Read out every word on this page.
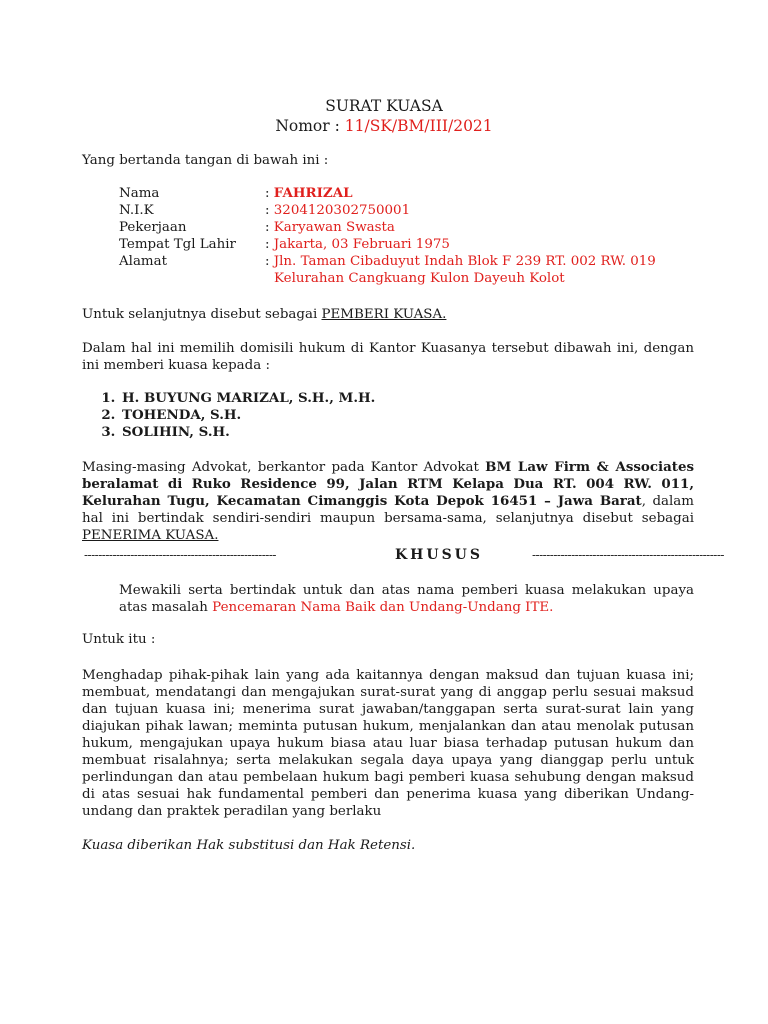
SURAT KUASA
Nomor : 11/SK/BM/III/2021
Yang bertanda tangan di bawah ini :
Nama	: FAHRIZAL
N.I.K	: 3204120302750001
Pekerjaan	: Karyawan Swasta
Tempat Tgl Lahir : Jakarta, 03 Februari 1975
Alamat	: Jln. Taman Cibaduyut Indah Blok F 239 RT. 002 RW. 019
Kelurahan Cangkuang Kulon Dayeuh Kolot
Untuk selanjutnya disebut sebagai PEMBERI KUASA.
Dalam hal ini memilih domisili hukum di Kantor Kuasanya tersebut dibawah ini, dengan ini memberi kuasa kepada :
1. H. BUYUNG MARIZAL, S.H., M.H.
2. TOHENDA, S.H.
3. SOLIHIN, S.H.
Masing-masing Advokat, berkantor pada Kantor Advokat BM Law Firm & Associates beralamat di Ruko Residence 99, Jalan RTM Kelapa Dua RT. 004 RW. 011, Kelurahan Tugu, Kecamatan Cimanggis Kota Depok 16451 – Jawa Barat, dalam hal ini bertindak sendiri-sendiri maupun bersama-sama, selanjutnya disebut sebagai PENERIMA KUASA.
------------------------------------------------------	KHUSUS	------------------------------------------------------
Mewakili serta bertindak untuk dan atas nama pemberi kuasa melakukan upaya atas masalah Pencemaran Nama Baik dan Undang-Undang ITE.
Untuk itu :
Menghadap pihak-pihak lain yang ada kaitannya dengan maksud dan tujuan kuasa ini; membuat, mendatangi dan mengajukan surat-surat yang di anggap perlu sesuai maksud dan tujuan kuasa ini; menerima surat jawaban/tanggapan serta surat-surat lain yang diajukan pihak lawan; meminta putusan hukum, menjalankan dan atau menolak putusan hukum, mengajukan upaya hukum biasa atau luar biasa terhadap putusan hukum dan membuat risalahnya; serta melakukan segala daya upaya yang dianggap perlu untuk perlindungan dan atau pembelaan hukum bagi pemberi kuasa sehubung dengan maksud di atas sesuai hak fundamental pemberi dan penerima kuasa yang diberikan Undang-undang dan praktek peradilan yang berlaku
Kuasa diberikan Hak substitusi dan Hak Retensi.
